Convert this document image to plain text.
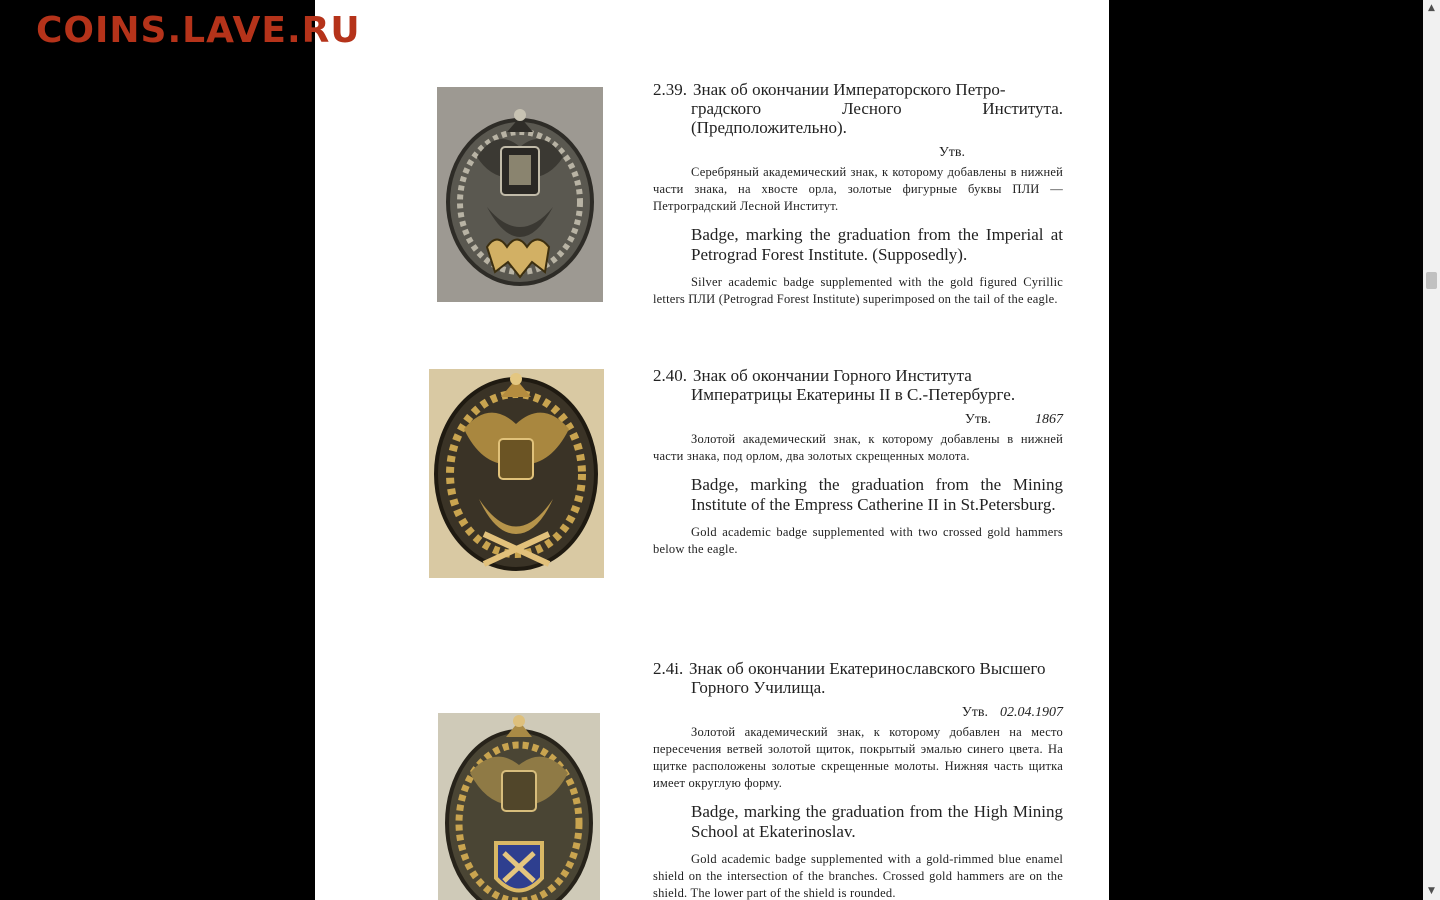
COINS.LAVE.RU

2.39. Знак об окончании Императорского Петро-
градского Лесного Института. (Предположительно).

Утв.

Серебряный академический знак, к которому добавлены в нижней части знака, на хвосте орла, золотые фигурные буквы ПЛИ — Петроградский Лесной Институт.

Badge, marking the graduation from the Imperial at Petrograd Forest Institute. (Supposedly).

Silver academic badge supplemented with the gold figured Cyrillic letters ПЛИ (Petrograd Forest Institute) superimposed on the tail of the eagle.

2.40. Знак об окончании Горного Института
Императрицы Екатерины II в С.-Петербурге.

Утв.	1867

Золотой академический знак, к которому добавлены в нижней части знака, под орлом, два золотых скрещенных молота.

Badge, marking the graduation from the Mining Institute of the Empress Catherine II in St.Petersburg.

Gold academic badge supplemented with two crossed gold hammers below the eagle.

2.4i. Знак об окончании Екатеринославского Высшего
Горного Училища.

Утв. 02.04.1907

Золотой академический знак, к которому добавлен на место пересечения ветвей золотой щиток, покрытый эмалью синего цвета. На щитке расположены золотые скрещенные молоты. Нижняя часть щитка имеет округлую форму.

Badge, marking the graduation from the High Mining School at Ekaterinoslav.

Gold academic badge supplemented with a gold-rimmed blue enamel shield on the intersection of the branches. Crossed gold hammers are on the shield. The lower part of the shield is rounded.

▲
▼
